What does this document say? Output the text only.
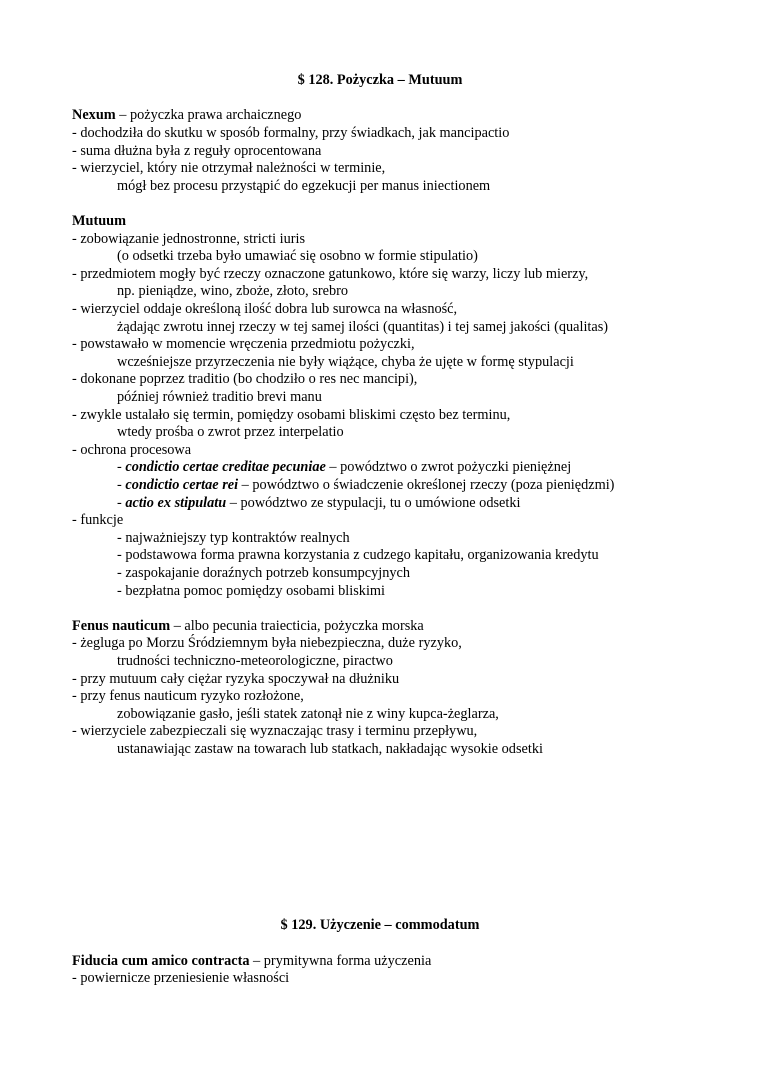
$ 128. Pożyczka – Mutuum
Nexum – pożyczka prawa archaicznego
- dochodziła do skutku w sposób formalny, przy świadkach, jak mancipactio
- suma dłużna była z reguły oprocentowana
- wierzyciel, który nie otrzymał należności w terminie,
mógł bez procesu przystąpić do egzekucji per manus iniectionem
Mutuum
- zobowiązanie jednostronne, stricti iuris
(o odsetki trzeba było umawiać się osobno w formie stipulatio)
- przedmiotem mogły być rzeczy oznaczone gatunkowo, które się warzy, liczy lub mierzy,
np. pieniądze, wino, zboże, złoto, srebro
- wierzyciel oddaje określoną ilość dobra lub surowca na własność,
żądając zwrotu innej rzeczy w tej samej ilości (quantitas) i tej samej jakości (qualitas)
- powstawało w momencie wręczenia przedmiotu pożyczki,
wcześniejsze przyrzeczenia nie były wiążące, chyba że ujęte w formę stypulacji
- dokonane poprzez traditio (bo chodziło o res nec mancipi),
później również traditio brevi manu
- zwykle ustalało się termin, pomiędzy osobami bliskimi często bez terminu,
wtedy prośba o zwrot przez interpelatio
- ochrona procesowa
- condictio certae creditae pecuniae – powództwo o zwrot pożyczki pieniężnej
- condictio certae rei – powództwo o świadczenie określonej rzeczy (poza pieniędzmi)
- actio ex stipulatu – powództwo ze stypulacji, tu o umówione odsetki
- funkcje
- najważniejszy typ kontraktów realnych
- podstawowa forma prawna korzystania z cudzego kapitału, organizowania kredytu
- zaspokajanie doraźnych potrzeb konsumpcyjnych
- bezpłatna pomoc pomiędzy osobami bliskimi
Fenus nauticum – albo pecunia traiecticia, pożyczka morska
- żegluga po Morzu Śródziemnym była niebezpieczna, duże ryzyko,
trudności techniczno-meteorologiczne, piractwo
- przy mutuum cały ciężar ryzyka spoczywał na dłużniku
- przy fenus nauticum ryzyko rozłożone,
zobowiązanie gasło, jeśli statek zatonął nie z winy kupca-żeglarza,
- wierzyciele zabezpieczali się wyznaczając trasy i terminu przepływu,
ustanawiając zastaw na towarach lub statkach, nakładając wysokie odsetki
$ 129. Użyczenie – commodatum
Fiducia cum amico contracta – prymitywna forma użyczenia
- powiernicze przeniesienie własności
